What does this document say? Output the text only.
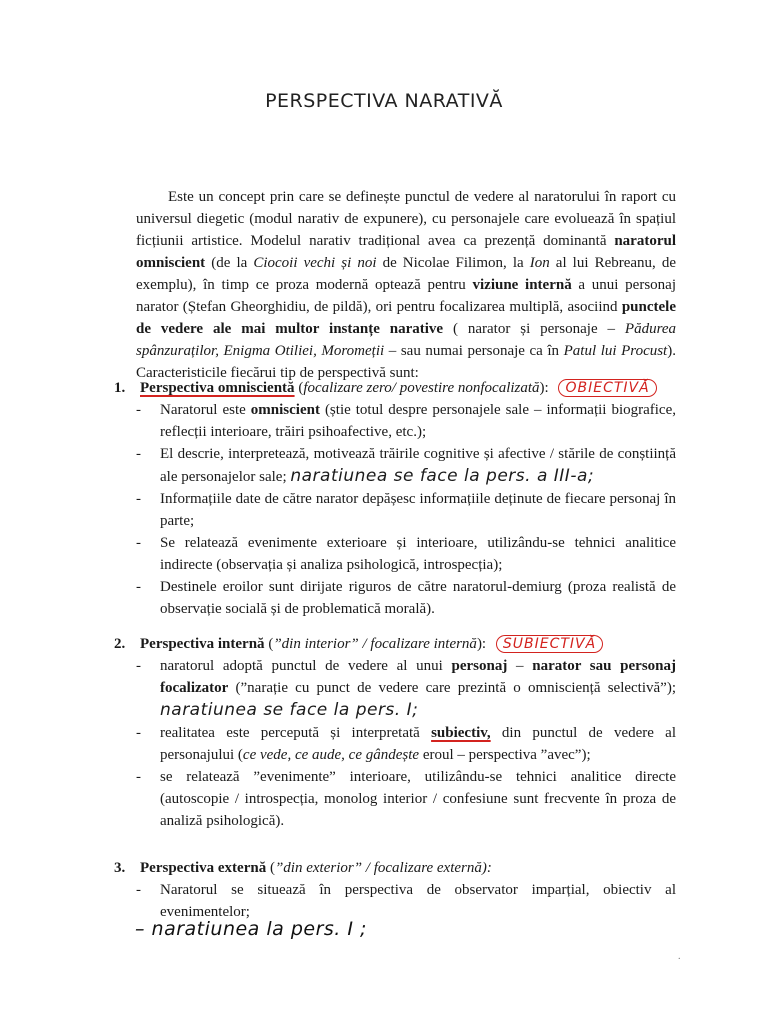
PERSPECTIVA NARATIVĂ

Este un concept prin care se definește punctul de vedere al naratorului în raport cu universul diegetic (modul narativ de expunere), cu personajele care evoluează în spațiul ficțiunii artistice. Modelul narativ tradițional avea ca prezență dominantă naratorul omniscient (de la Ciocoii vechi și noi de Nicolae Filimon, la Ion al lui Rebreanu, de exemplu), în timp ce proza modernă optează pentru viziune internă a unui personaj narator (Ștefan Gheorghidiu, de pildă), ori pentru focalizarea multiplă, asociind punctele de vedere ale mai multor instanțe narative ( narator și personaje – Pădurea spânzuraților, Enigma Otiliei, Moromeții – sau numai personaje ca în Patul lui Procust). Caracteristicile fiecărui tip de perspectivă sunt:

1. Perspectiva omniscientă (focalizare zero/ povestire nonfocalizată): OBIECTIVĂ
- Naratorul este omniscient (știe totul despre personajele sale – informații biografice, reflecții interioare, trăiri psihoafective, etc.);
- El descrie, interpretează, motivează trăirile cognitive și afective / stările de conștiință ale personajelor sale; naratiunea se face la pers. a III-a;
- Informațiile date de către narator depășesc informațiile deținute de fiecare personaj în parte;
- Se relatează evenimente exterioare și interioare, utilizându-se tehnici analitice indirecte (observația și analiza psihologică, introspecția);
- Destinele eroilor sunt dirijate riguros de către naratorul-demiurg (proza realistă de observație socială și de problematică morală).
2. Perspectiva internă (”din interior” / focalizare internă): SUBIECTIVĂ
- naratorul adoptă punctul de vedere al unui personaj – narator sau personaj focalizator (”narație cu punct de vedere care prezintă o omnisciență selectivă”); naratiunea se face la pers. I;
- realitatea este percepută și interpretată subiectiv, din punctul de vedere al personajului (ce vede, ce aude, ce gândește eroul – perspectiva ”avec”);
- se relatează ”evenimente” interioare, utilizându-se tehnici analitice directe (autoscopie / introspecția, monolog interior / confesiune sunt frecvente în proza de analiză psihologică).
3. Perspectiva externă (”din exterior” / focalizare externă):
- Naratorul se situează în perspectiva de observator imparțial, obiectiv al evenimentelor;
– naratiunea la pers. I ;
.
